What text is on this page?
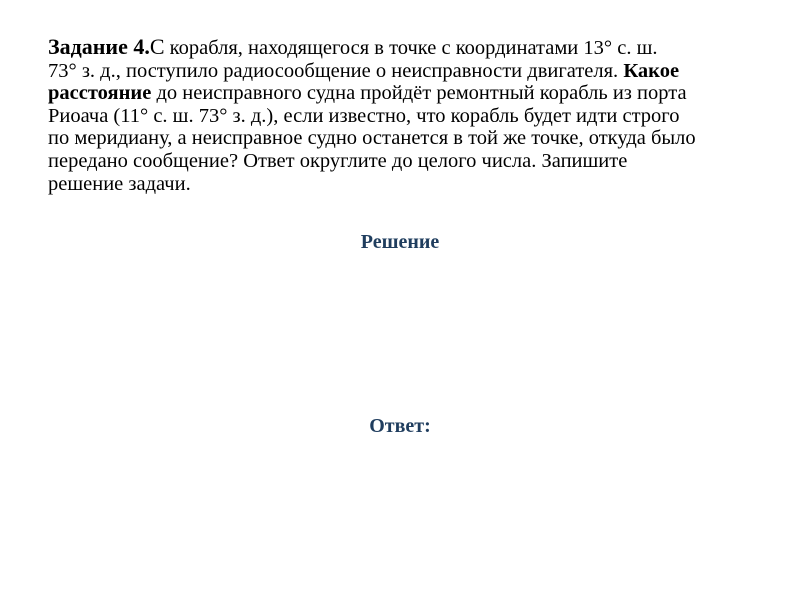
Задание 4.С корабля, находящегося в точке с координатами 13° с. ш.
73° з. д., поступило радиосообщение о неисправности двигателя. Какое
расстояние до неисправного судна пройдёт ремонтный корабль из порта
Риоача (11° с. ш. 73° з. д.), если известно, что корабль будет идти строго
по меридиану, а неисправное судно останется в той же точке, откуда было
передано сообщение? Ответ округлите до целого числа. Запишите
решение задачи.
Решение
Ответ:
